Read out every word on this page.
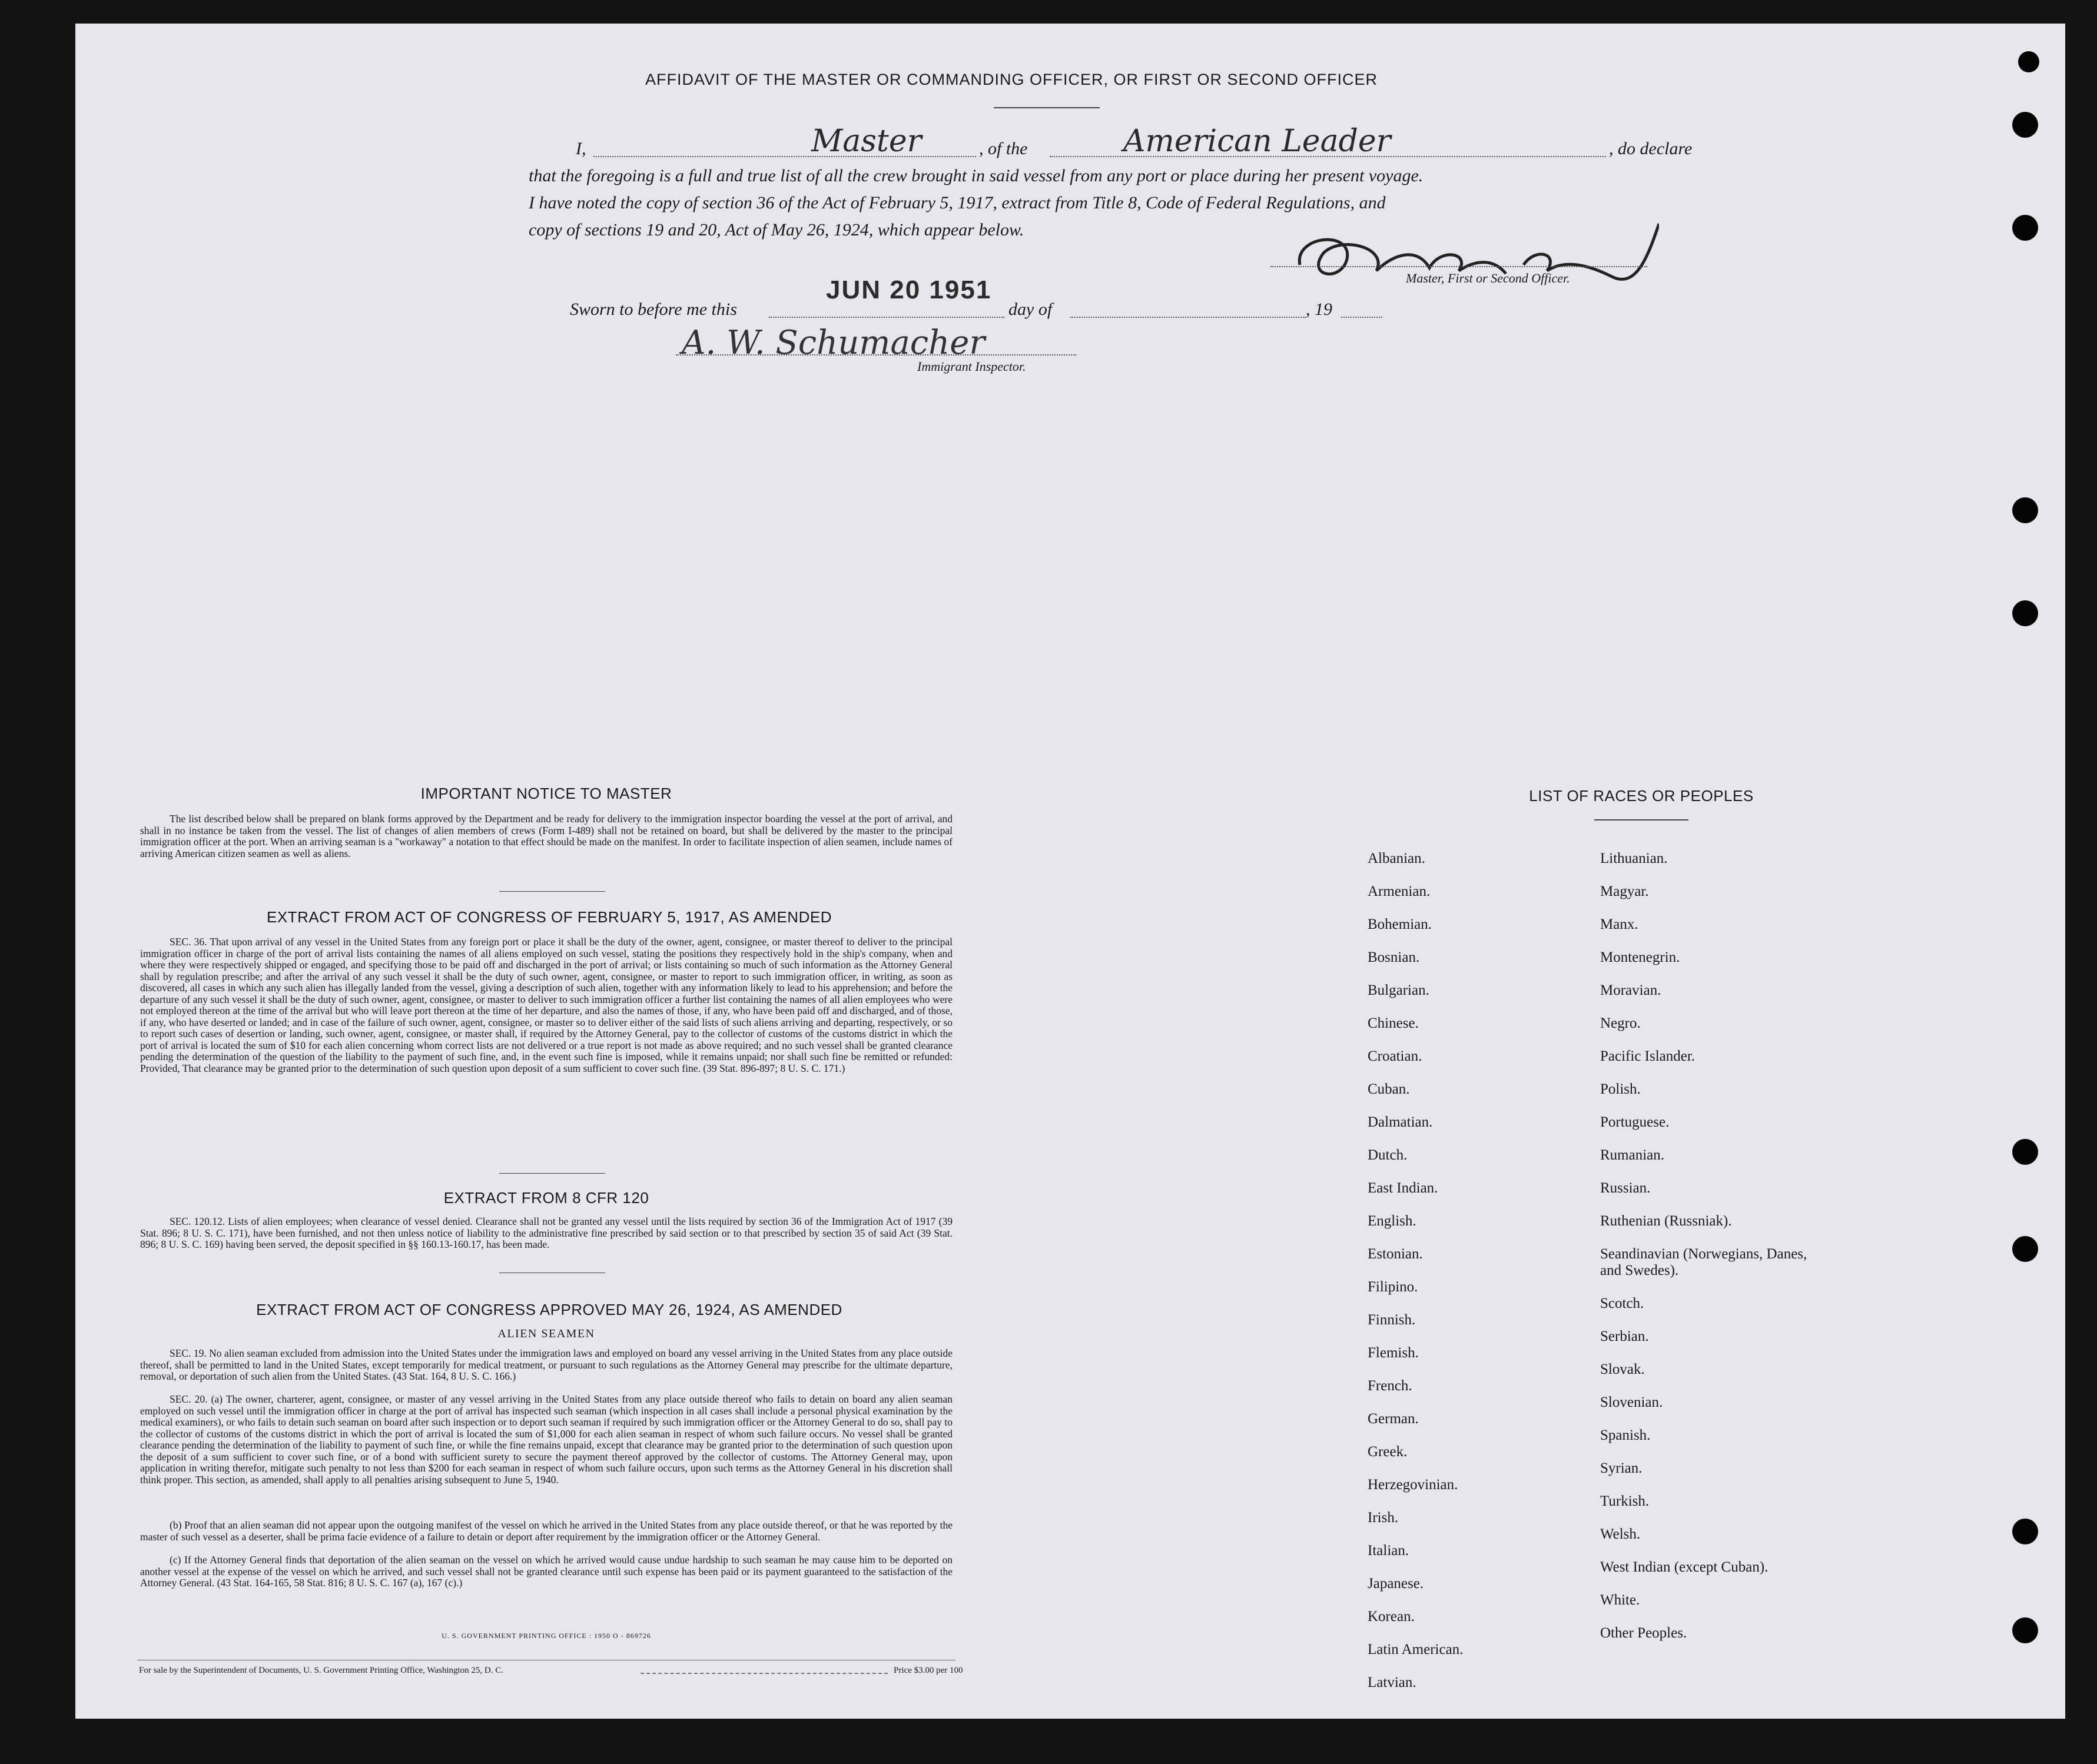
AFFIDAVIT OF THE MASTER OR COMMANDING OFFICER, OR FIRST OR SECOND OFFICER
I,	Master	, of the	American Leader	, do declare
that the foregoing is a full and true list of all the crew brought in said vessel from any port or place during her present voyage.
I have noted the copy of section 36 of the Act of February 5, 1917, extract from Title 8, Code of Federal Regulations, and
copy of sections 19 and 20, Act of May 26, 1924, which appear below.
Master, First or Second Officer.
Sworn to before me this
JUN 20 1951
day of	, 19
A. W. Schumacher
Immigrant Inspector.
IMPORTANT NOTICE TO MASTER
The list described below shall be prepared on blank forms approved by the Department and be ready for delivery to the immigration inspector boarding the vessel at the port of arrival, and shall in no instance be taken from the vessel. The list of changes of alien members of crews (Form I-489) shall not be retained on board, but shall be delivered by the master to the principal immigration officer at the port. When an arriving seaman is a "workaway" a notation to that effect should be made on the manifest. In order to facilitate inspection of alien seamen, include names of arriving American citizen seamen as well as aliens.
EXTRACT FROM ACT OF CONGRESS OF FEBRUARY 5, 1917, AS AMENDED
SEC. 36. That upon arrival of any vessel in the United States from any foreign port or place it shall be the duty of the owner, agent, consignee, or master thereof to deliver to the principal immigration officer in charge of the port of arrival lists containing the names of all aliens employed on such vessel, stating the positions they respectively hold in the ship's company, when and where they were respectively shipped or engaged, and specifying those to be paid off and discharged in the port of arrival; or lists containing so much of such information as the Attorney General shall by regulation prescribe; and after the arrival of any such vessel it shall be the duty of such owner, agent, consignee, or master to report to such immigration officer, in writing, as soon as discovered, all cases in which any such alien has illegally landed from the vessel, giving a description of such alien, together with any information likely to lead to his apprehension; and before the departure of any such vessel it shall be the duty of such owner, agent, consignee, or master to deliver to such immigration officer a further list containing the names of all alien employees who were not employed thereon at the time of the arrival but who will leave port thereon at the time of her departure, and also the names of those, if any, who have been paid off and discharged, and of those, if any, who have deserted or landed; and in case of the failure of such owner, agent, consignee, or master so to deliver either of the said lists of such aliens arriving and departing, respectively, or so to report such cases of desertion or landing, such owner, agent, consignee, or master shall, if required by the Attorney General, pay to the collector of customs of the customs district in which the port of arrival is located the sum of $10 for each alien concerning whom correct lists are not delivered or a true report is not made as above required; and no such vessel shall be granted clearance pending the determination of the question of the liability to the payment of such fine, and, in the event such fine is imposed, while it remains unpaid; nor shall such fine be remitted or refunded: Provided, That clearance may be granted prior to the determination of such question upon deposit of a sum sufficient to cover such fine. (39 Stat. 896-897; 8 U. S. C. 171.)
EXTRACT FROM 8 CFR 120
SEC. 120.12. Lists of alien employees; when clearance of vessel denied. Clearance shall not be granted any vessel until the lists required by section 36 of the Immigration Act of 1917 (39 Stat. 896; 8 U. S. C. 171), have been furnished, and not then unless notice of liability to the administrative fine prescribed by said section or to that prescribed by section 35 of said Act (39 Stat. 896; 8 U. S. C. 169) having been served, the deposit specified in §§ 160.13-160.17, has been made.
EXTRACT FROM ACT OF CONGRESS APPROVED MAY 26, 1924, AS AMENDED
ALIEN SEAMEN
SEC. 19. No alien seaman excluded from admission into the United States under the immigration laws and employed on board any vessel arriving in the United States from any place outside thereof, shall be permitted to land in the United States, except temporarily for medical treatment, or pursuant to such regulations as the Attorney General may prescribe for the ultimate departure, removal, or deportation of such alien from the United States. (43 Stat. 164, 8 U. S. C. 166.)
SEC. 20. (a) The owner, charterer, agent, consignee, or master of any vessel arriving in the United States from any place outside thereof who fails to detain on board any alien seaman employed on such vessel until the immigration officer in charge at the port of arrival has inspected such seaman (which inspection in all cases shall include a personal physical examination by the medical examiners), or who fails to detain such seaman on board after such inspection or to deport such seaman if required by such immigration officer or the Attorney General to do so, shall pay to the collector of customs of the customs district in which the port of arrival is located the sum of $1,000 for each alien seaman in respect of whom such failure occurs. No vessel shall be granted clearance pending the determination of the liability to payment of such fine, or while the fine remains unpaid, except that clearance may be granted prior to the determination of such question upon the deposit of a sum sufficient to cover such fine, or of a bond with sufficient surety to secure the payment thereof approved by the collector of customs. The Attorney General may, upon application in writing therefor, mitigate such penalty to not less than $200 for each seaman in respect of whom such failure occurs, upon such terms as the Attorney General in his discretion shall think proper. This section, as amended, shall apply to all penalties arising subsequent to June 5, 1940.
(b) Proof that an alien seaman did not appear upon the outgoing manifest of the vessel on which he arrived in the United States from any place outside thereof, or that he was reported by the master of such vessel as a deserter, shall be prima facie evidence of a failure to detain or deport after requirement by the immigration officer or the Attorney General.
(c) If the Attorney General finds that deportation of the alien seaman on the vessel on which he arrived would cause undue hardship to such seaman he may cause him to be deported on another vessel at the expense of the vessel on which he arrived, and such vessel shall not be granted clearance until such expense has been paid or its payment guaranteed to the satisfaction of the Attorney General. (43 Stat. 164-165, 58 Stat. 816; 8 U. S. C. 167 (a), 167 (c).)
U. S. GOVERNMENT PRINTING OFFICE : 1950 O - 869726
For sale by the Superintendent of Documents, U. S. Government Printing Office, Washington 25, D. C.	Price $3.00 per 100
LIST OF RACES OR PEOPLES
Albanian.
Armenian.
Bohemian.
Bosnian.
Bulgarian.
Chinese.
Croatian.
Cuban.
Dalmatian.
Dutch.
East Indian.
English.
Estonian.
Filipino.
Finnish.
Flemish.
French.
German.
Greek.
Herzegovinian.
Irish.
Italian.
Japanese.
Korean.
Latin American.
Latvian.
Lithuanian.
Magyar.
Manx.
Montenegrin.
Moravian.
Negro.
Pacific Islander.
Polish.
Portuguese.
Rumanian.
Russian.
Ruthenian (Russniak).
Seandinavian (Norwegians, Danes, and Swedes).
Scotch.
Serbian.
Slovak.
Slovenian.
Spanish.
Syrian.
Turkish.
Welsh.
West Indian (except Cuban).
White.
Other Peoples.
